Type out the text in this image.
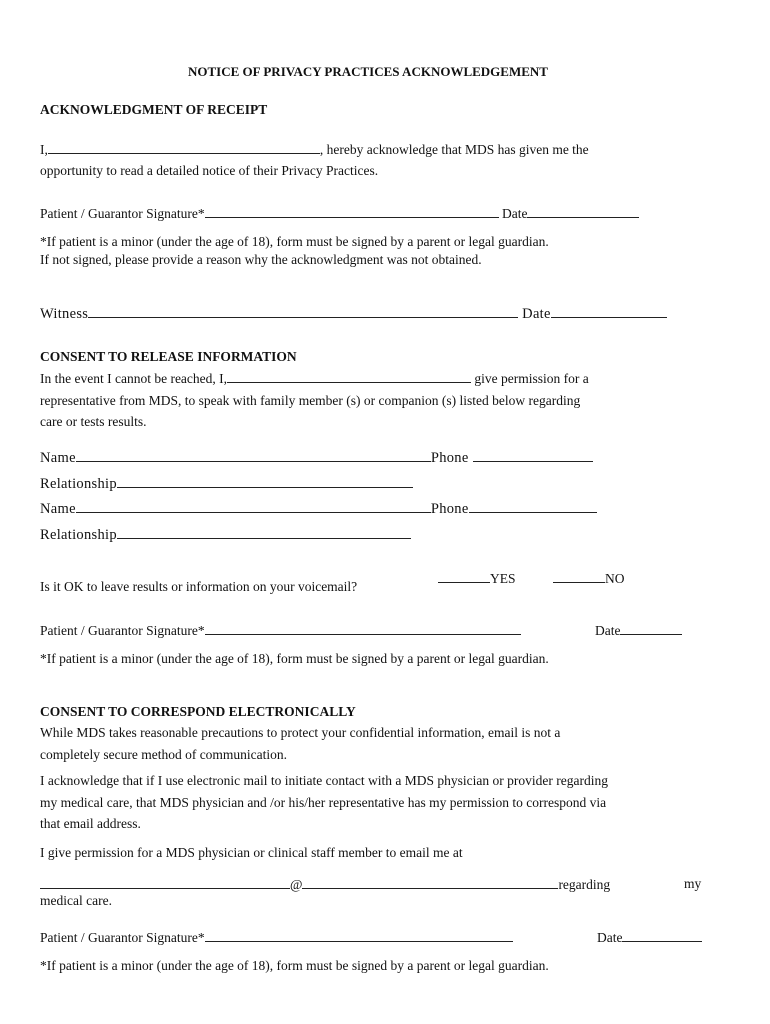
NOTICE OF PRIVACY PRACTICES ACKNOWLEDGEMENT
ACKNOWLEDGMENT OF RECEIPT
I,	, hereby acknowledge that MDS has given me the
opportunity to read a detailed notice of their Privacy Practices.
Patient / Guarantor Signature*	Date
*If patient is a minor (under the age of 18), form must be signed by a parent or legal guardian.
If not signed, please provide a reason why the acknowledgment was not obtained.
Witness	Date
CONSENT TO RELEASE INFORMATION
In the event I cannot be reached, I,	give permission for a
representative from MDS, to speak with family member (s) or companion (s) listed below regarding
care or tests results.
Name	Phone
Relationship
Name	Phone
Relationship
Is it OK to leave results or information on your voicemail?
YES	NO
Patient / Guarantor Signature*	Date
*If patient is a minor (under the age of 18), form must be signed by a parent or legal guardian.
CONSENT TO CORRESPOND ELECTRONICALLY
While MDS takes reasonable precautions to protect your confidential information, email is not a
completely secure method of communication.
I acknowledge that if I use electronic mail to initiate contact with a MDS physician or provider regarding
my medical care, that MDS physician and /or his/her representative has my permission to correspond via
that email address.
I give permission for a MDS physician or clinical staff member to email me at
@	regarding	my
medical care.
Patient / Guarantor Signature*	Date
*If patient is a minor (under the age of 18), form must be signed by a parent or legal guardian.
